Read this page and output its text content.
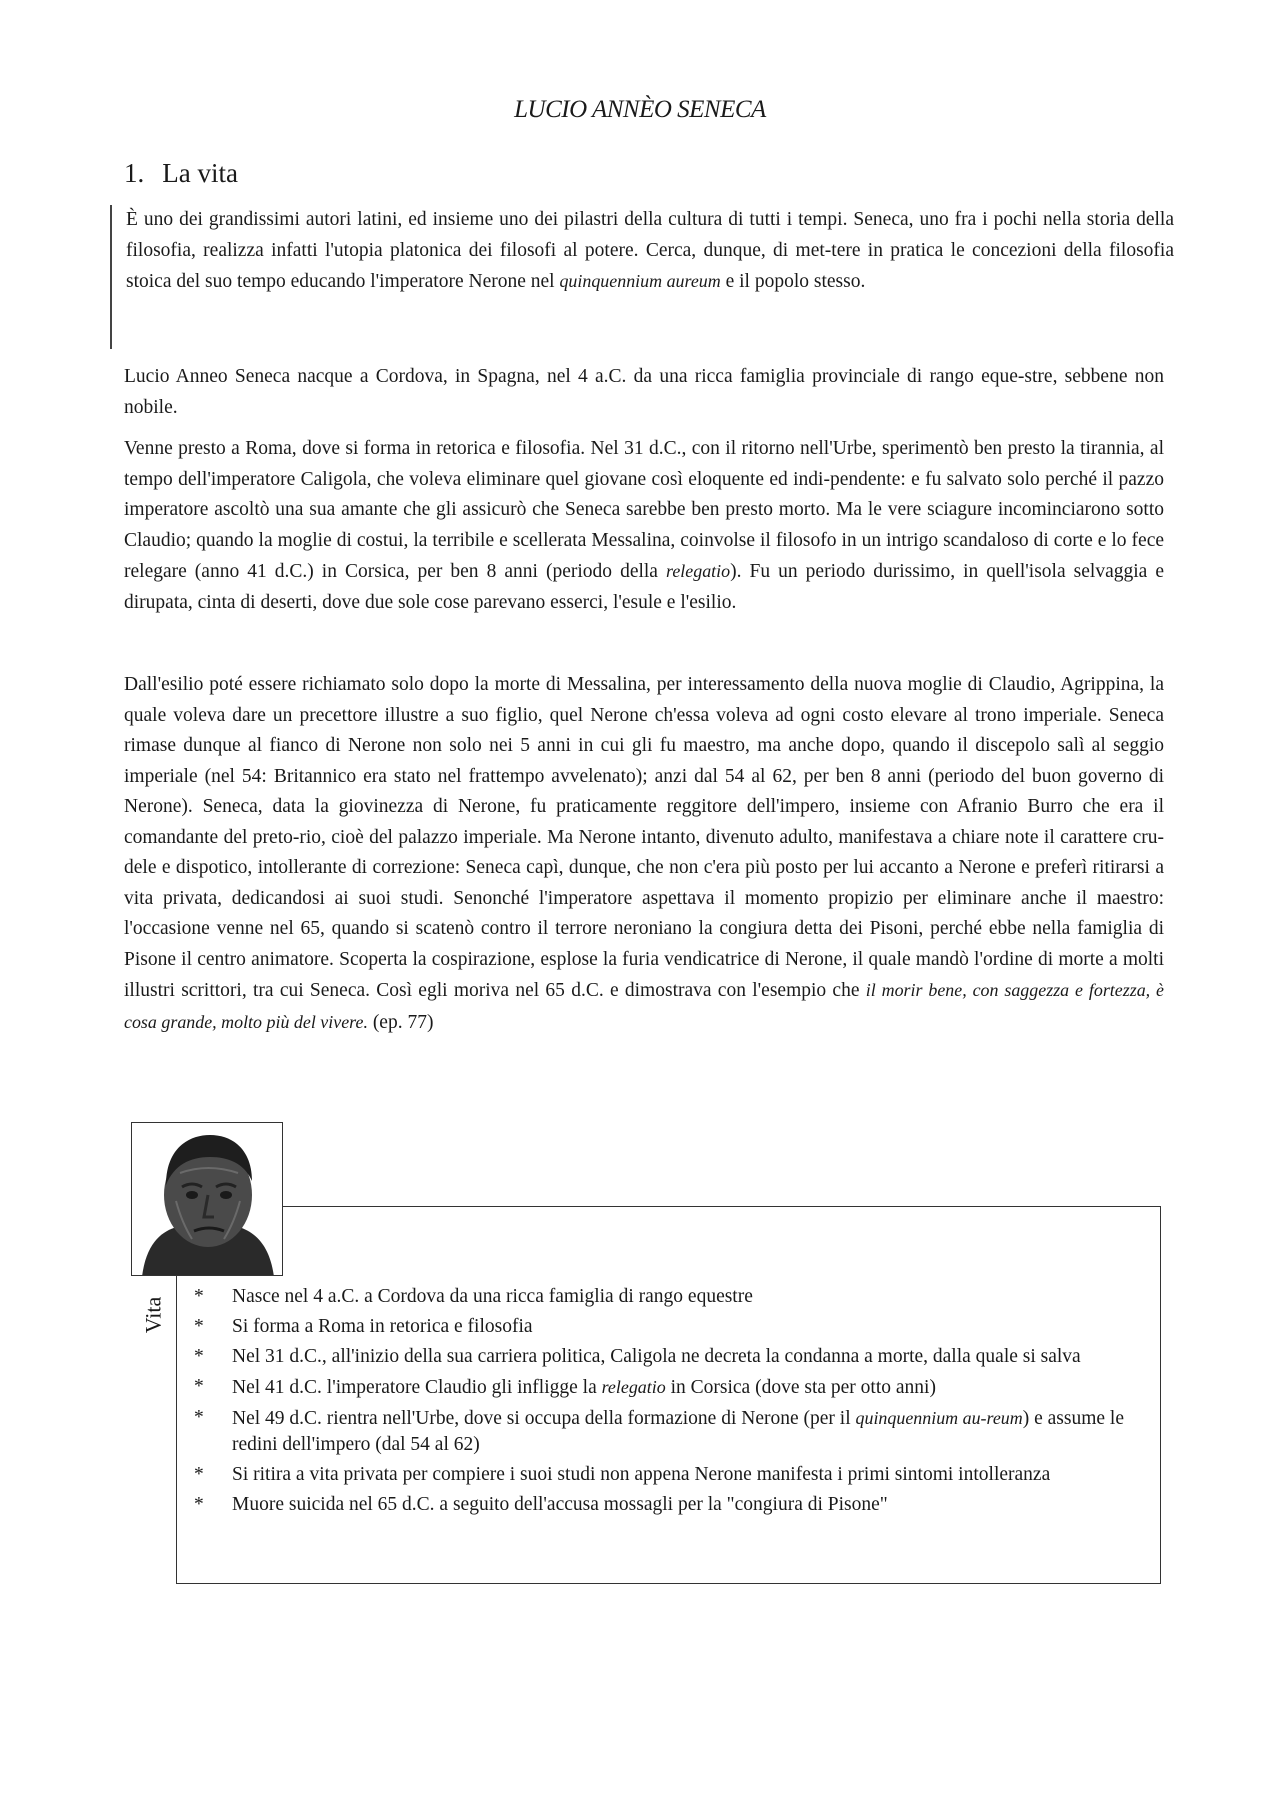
LUCIO ANNÈO SENECA
1. La vita
È uno dei grandissimi autori latini, ed insieme uno dei pilastri della cultura di tutti i tempi. Seneca, uno fra i pochi nella storia della filosofia, realizza infatti l'utopia platonica dei filosofi al potere. Cerca, dunque, di met-tere in pratica le concezioni della filosofia stoica del suo tempo educando l'imperatore Nerone nel quinquennium aureum e il popolo stesso.

Lucio Anneo Seneca nacque a Cordova, in Spagna, nel 4 a.C. da una ricca famiglia provinciale di rango eque-stre, sebbene non nobile.

Venne presto a Roma, dove si forma in retorica e filosofia. Nel 31 d.C., con il ritorno nell'Urbe, sperimentò ben presto la tirannia, al tempo dell'imperatore Caligola, che voleva eliminare quel giovane così eloquente ed indi-pendente: e fu salvato solo perché il pazzo imperatore ascoltò una sua amante che gli assicurò che Seneca sarebbe ben presto morto. Ma le vere sciagure incominciarono sotto Claudio; quando la moglie di costui, la terribile e scellerata Messalina, coinvolse il filosofo in un intrigo scandaloso di corte e lo fece relegare (anno 41 d.C.) in Corsica, per ben 8 anni (periodo della relegatio). Fu un periodo durissimo, in quell'isola selvaggia e dirupata, cinta di deserti, dove due sole cose parevano esserci, l'esule e l'esilio.

Dall'esilio poté essere richiamato solo dopo la morte di Messalina, per interessamento della nuova moglie di Claudio, Agrippina, la quale voleva dare un precettore illustre a suo figlio, quel Nerone ch'essa voleva ad ogni costo elevare al trono imperiale. Seneca rimase dunque al fianco di Nerone non solo nei 5 anni in cui gli fu maestro, ma anche dopo, quando il discepolo salì al seggio imperiale (nel 54: Britannico era stato nel frattempo avvelenato); anzi dal 54 al 62, per ben 8 anni (periodo del buon governo di Nerone). Seneca, data la giovinezza di Nerone, fu praticamente reggitore dell'impero, insieme con Afranio Burro che era il comandante del preto-rio, cioè del palazzo imperiale. Ma Nerone intanto, divenuto adulto, manifestava a chiare note il carattere cru-dele e dispotico, intollerante di correzione: Seneca capì, dunque, che non c'era più posto per lui accanto a Nerone e preferì ritirarsi a vita privata, dedicandosi ai suoi studi. Senonché l'imperatore aspettava il momento propizio per eliminare anche il maestro: l'occasione venne nel 65, quando si scatenò contro il terrore neroniano la congiura detta dei Pisoni, perché ebbe nella famiglia di Pisone il centro animatore. Scoperta la cospirazione, esplose la furia vendicatrice di Nerone, il quale mandò l'ordine di morte a molti illustri scrittori, tra cui Seneca. Così egli moriva nel 65 d.C. e dimostrava con l'esempio che il morir bene, con saggezza e fortezza, è cosa grande, molto più del vivere. (ep. 77)

Vita
* Nasce nel 4 a.C. a Cordova da una ricca famiglia di rango equestre
* Si forma a Roma in retorica e filosofia
* Nel 31 d.C., all'inizio della sua carriera politica, Caligola ne decreta la condanna a morte, dalla quale si salva
* Nel 41 d.C. l'imperatore Claudio gli infligge la relegatio in Corsica (dove sta per otto anni)
* Nel 49 d.C. rientra nell'Urbe, dove si occupa della formazione di Nerone (per il quinquennium au-reum) e assume le redini dell'impero (dal 54 al 62)
* Si ritira a vita privata per compiere i suoi studi non appena Nerone manifesta i primi sintomi intolleranza
* Muore suicida nel 65 d.C. a seguito dell'accusa mossagli per la "congiura di Pisone"
